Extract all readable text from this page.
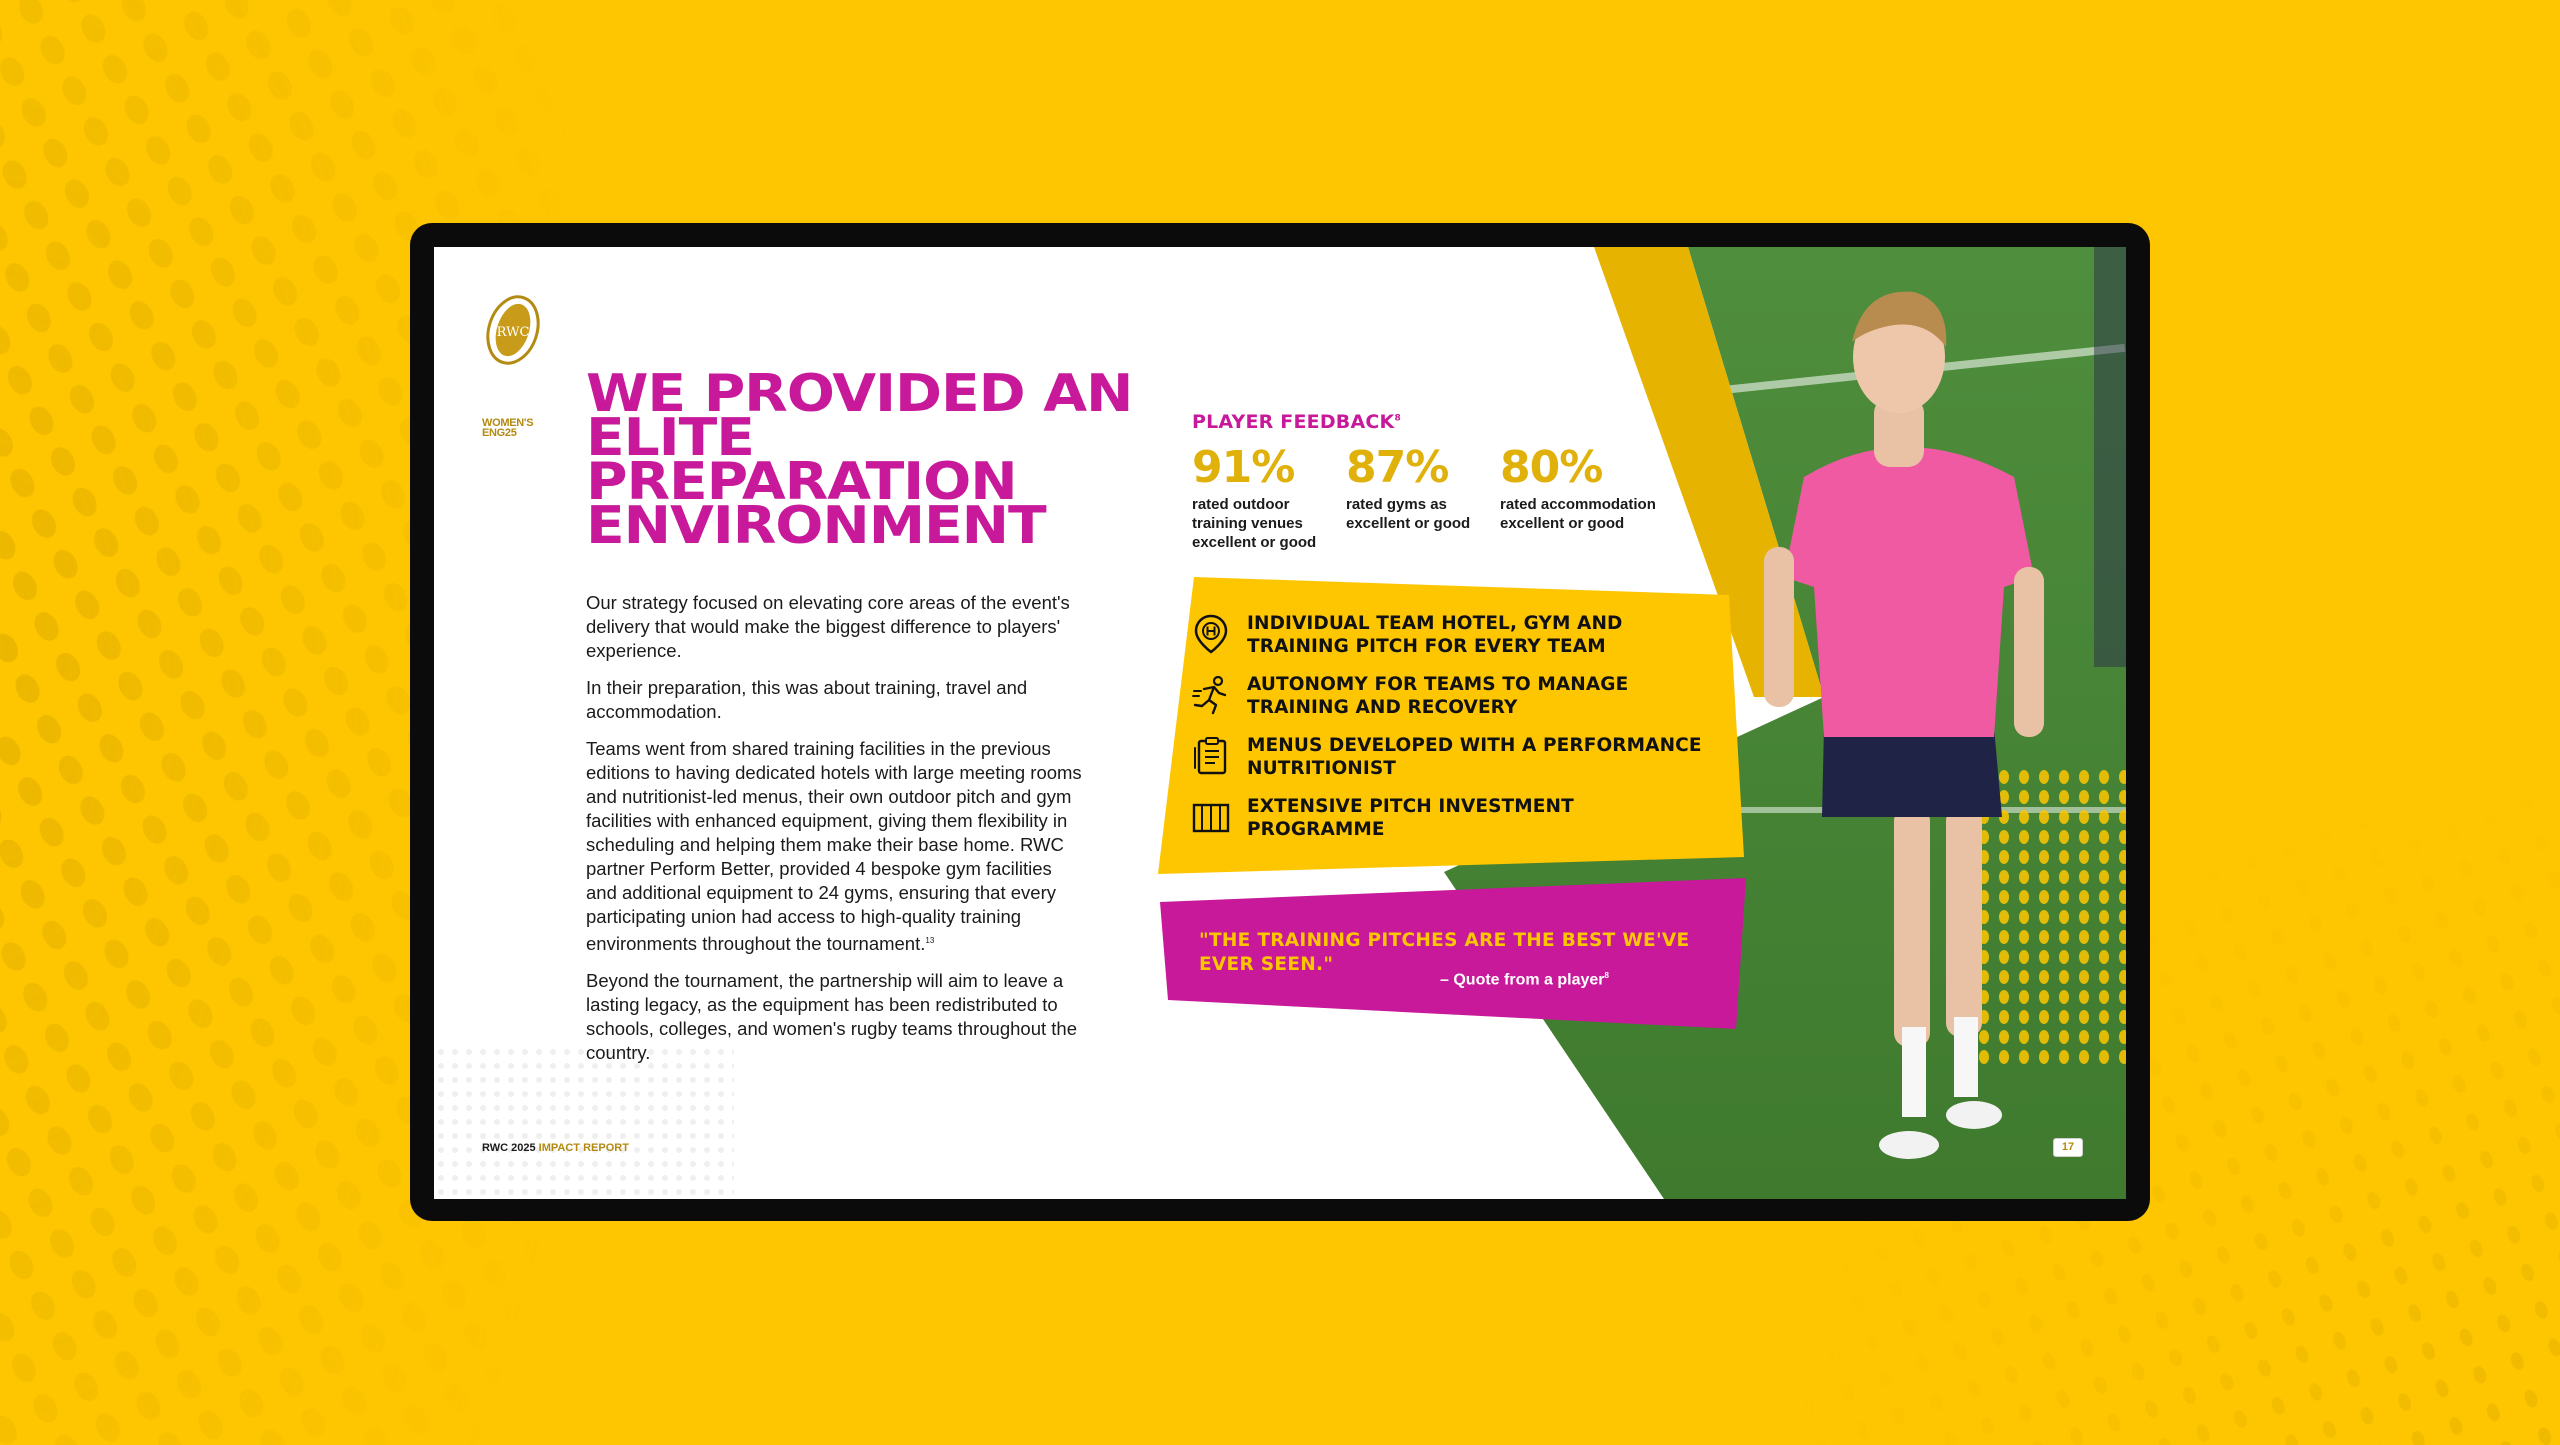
RWC
WOMEN'S ENG25
WE PROVIDED AN ELITE PREPARATION ENVIRONMENT

Our strategy focused on elevating core areas of the event's delivery that would make the biggest difference to players' experience.

In their preparation, this was about training, travel and accommodation.

Teams went from shared training facilities in the previous editions to having dedicated hotels with large meeting rooms and nutritionist-led menus, their own outdoor pitch and gym facilities with enhanced equipment, giving them flexibility in scheduling and helping them make their base home. RWC partner Perform Better, provided 4 bespoke gym facilities and additional equipment to 24 gyms, ensuring that every participating union had access to high-quality training environments throughout the tournament.$^{13}$

Beyond the tournament, the partnership will aim to leave a lasting legacy, as the equipment has been redistributed to schools, colleges, and women's rugby teams throughout the country.

PLAYER FEEDBACK$^8$
91%
rated outdoor training venues excellent or good
87%
rated gyms as excellent or good
80%
rated accommodation excellent or good
INDIVIDUAL TEAM HOTEL, GYM AND TRAINING PITCH FOR EVERY TEAM
AUTONOMY FOR TEAMS TO MANAGE TRAINING AND RECOVERY
MENUS DEVELOPED WITH A PERFORMANCE NUTRITIONIST
EXTENSIVE PITCH INVESTMENT PROGRAMME
"THE TRAINING PITCHES ARE THE BEST WE'VE EVER SEEN."
– Quote from a player$^8$
RWC 2025 IMPACT REPORT	17
